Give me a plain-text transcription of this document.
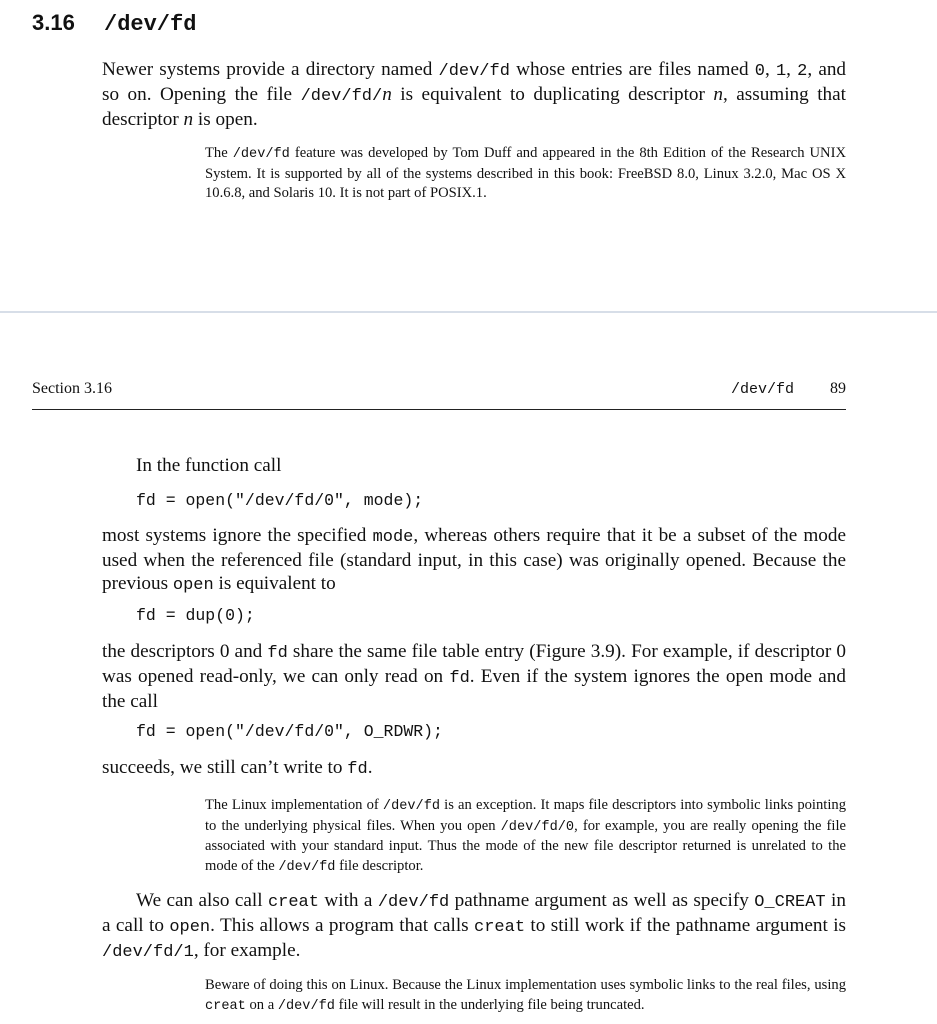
3.16 /dev/fd
Newer systems provide a directory named /dev/fd whose entries are files named 0, 1, 2, and so on. Opening the file /dev/fd/n is equivalent to duplicating descriptor n, assuming that descriptor n is open.
The /dev/fd feature was developed by Tom Duff and appeared in the 8th Edition of the Research UNIX System. It is supported by all of the systems described in this book: FreeBSD 8.0, Linux 3.2.0, Mac OS X 10.6.8, and Solaris 10. It is not part of POSIX.1.
Section 3.16	/dev/fd 89
In the function call
fd = open("/dev/fd/0", mode);
most systems ignore the specified mode, whereas others require that it be a subset of the mode used when the referenced file (standard input, in this case) was originally opened. Because the previous open is equivalent to
fd = dup(0);
the descriptors 0 and fd share the same file table entry (Figure 3.9). For example, if descriptor 0 was opened read-only, we can only read on fd. Even if the system ignores the open mode and the call
fd = open("/dev/fd/0", O_RDWR);
succeeds, we still can’t write to fd.
The Linux implementation of /dev/fd is an exception. It maps file descriptors into symbolic links pointing to the underlying physical files. When you open /dev/fd/0, for example, you are really opening the file associated with your standard input. Thus the mode of the new file descriptor returned is unrelated to the mode of the /dev/fd file descriptor.
We can also call creat with a /dev/fd pathname argument as well as specify O_CREAT in a call to open. This allows a program that calls creat to still work if the pathname argument is /dev/fd/1, for example.
Beware of doing this on Linux. Because the Linux implementation uses symbolic links to the real files, using creat on a /dev/fd file will result in the underlying file being truncated.
